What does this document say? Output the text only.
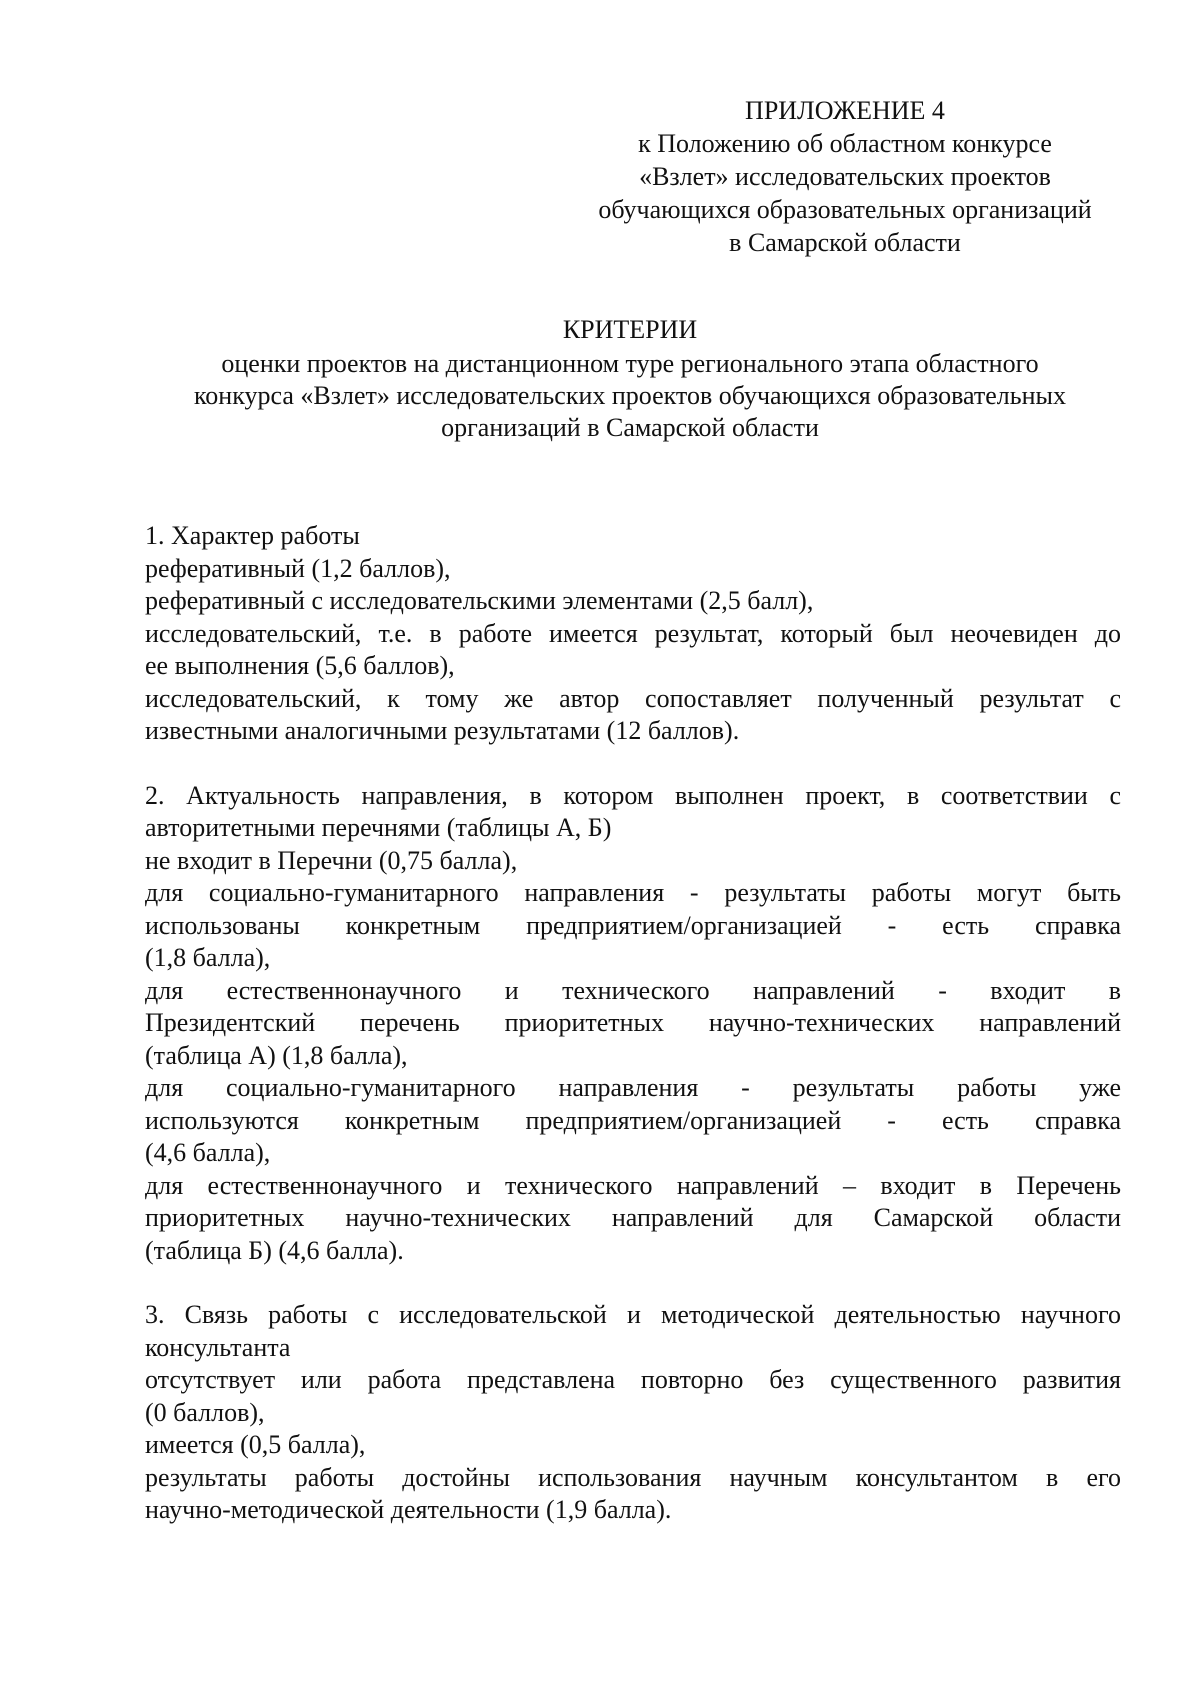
ПРИЛОЖЕНИЕ 4
к Положению об областном конкурсе
«Взлет» исследовательских проектов
обучающихся образовательных организаций
в Самарской области
КРИТЕРИИ
оценки проектов на дистанционном туре регионального этапа областного
конкурса «Взлет» исследовательских проектов обучающихся образовательных
организаций в Самарской области
1. Характер работы
реферативный (1,2 баллов),
реферативный с исследовательскими элементами (2,5 балл),
исследовательский, т.е. в работе имеется результат, который был неочевиден до
ее выполнения (5,6 баллов),
исследовательский, к тому же автор сопоставляет полученный результат с
известными аналогичными результатами (12 баллов).
2. Актуальность направления, в котором выполнен проект, в соответствии с
авторитетными перечнями (таблицы А, Б)
не входит в Перечни (0,75 балла),
для социально-гуманитарного направления - результаты работы могут быть
использованы конкретным предприятием/организацией - есть справка
(1,8 балла),
для естественнонаучного и технического направлений - входит в
Президентский перечень приоритетных научно-технических направлений
(таблица А) (1,8 балла),
для социально-гуманитарного направления - результаты работы уже
используются конкретным предприятием/организацией - есть справка
(4,6 балла),
для естественнонаучного и технического направлений – входит в Перечень
приоритетных научно-технических направлений для Самарской области
(таблица Б) (4,6 балла).
3. Связь работы с исследовательской и методической деятельностью научного
консультанта
отсутствует или работа представлена повторно без существенного развития
(0 баллов),
имеется (0,5 балла),
результаты работы достойны использования научным консультантом в его
научно-методической деятельности (1,9 балла).
